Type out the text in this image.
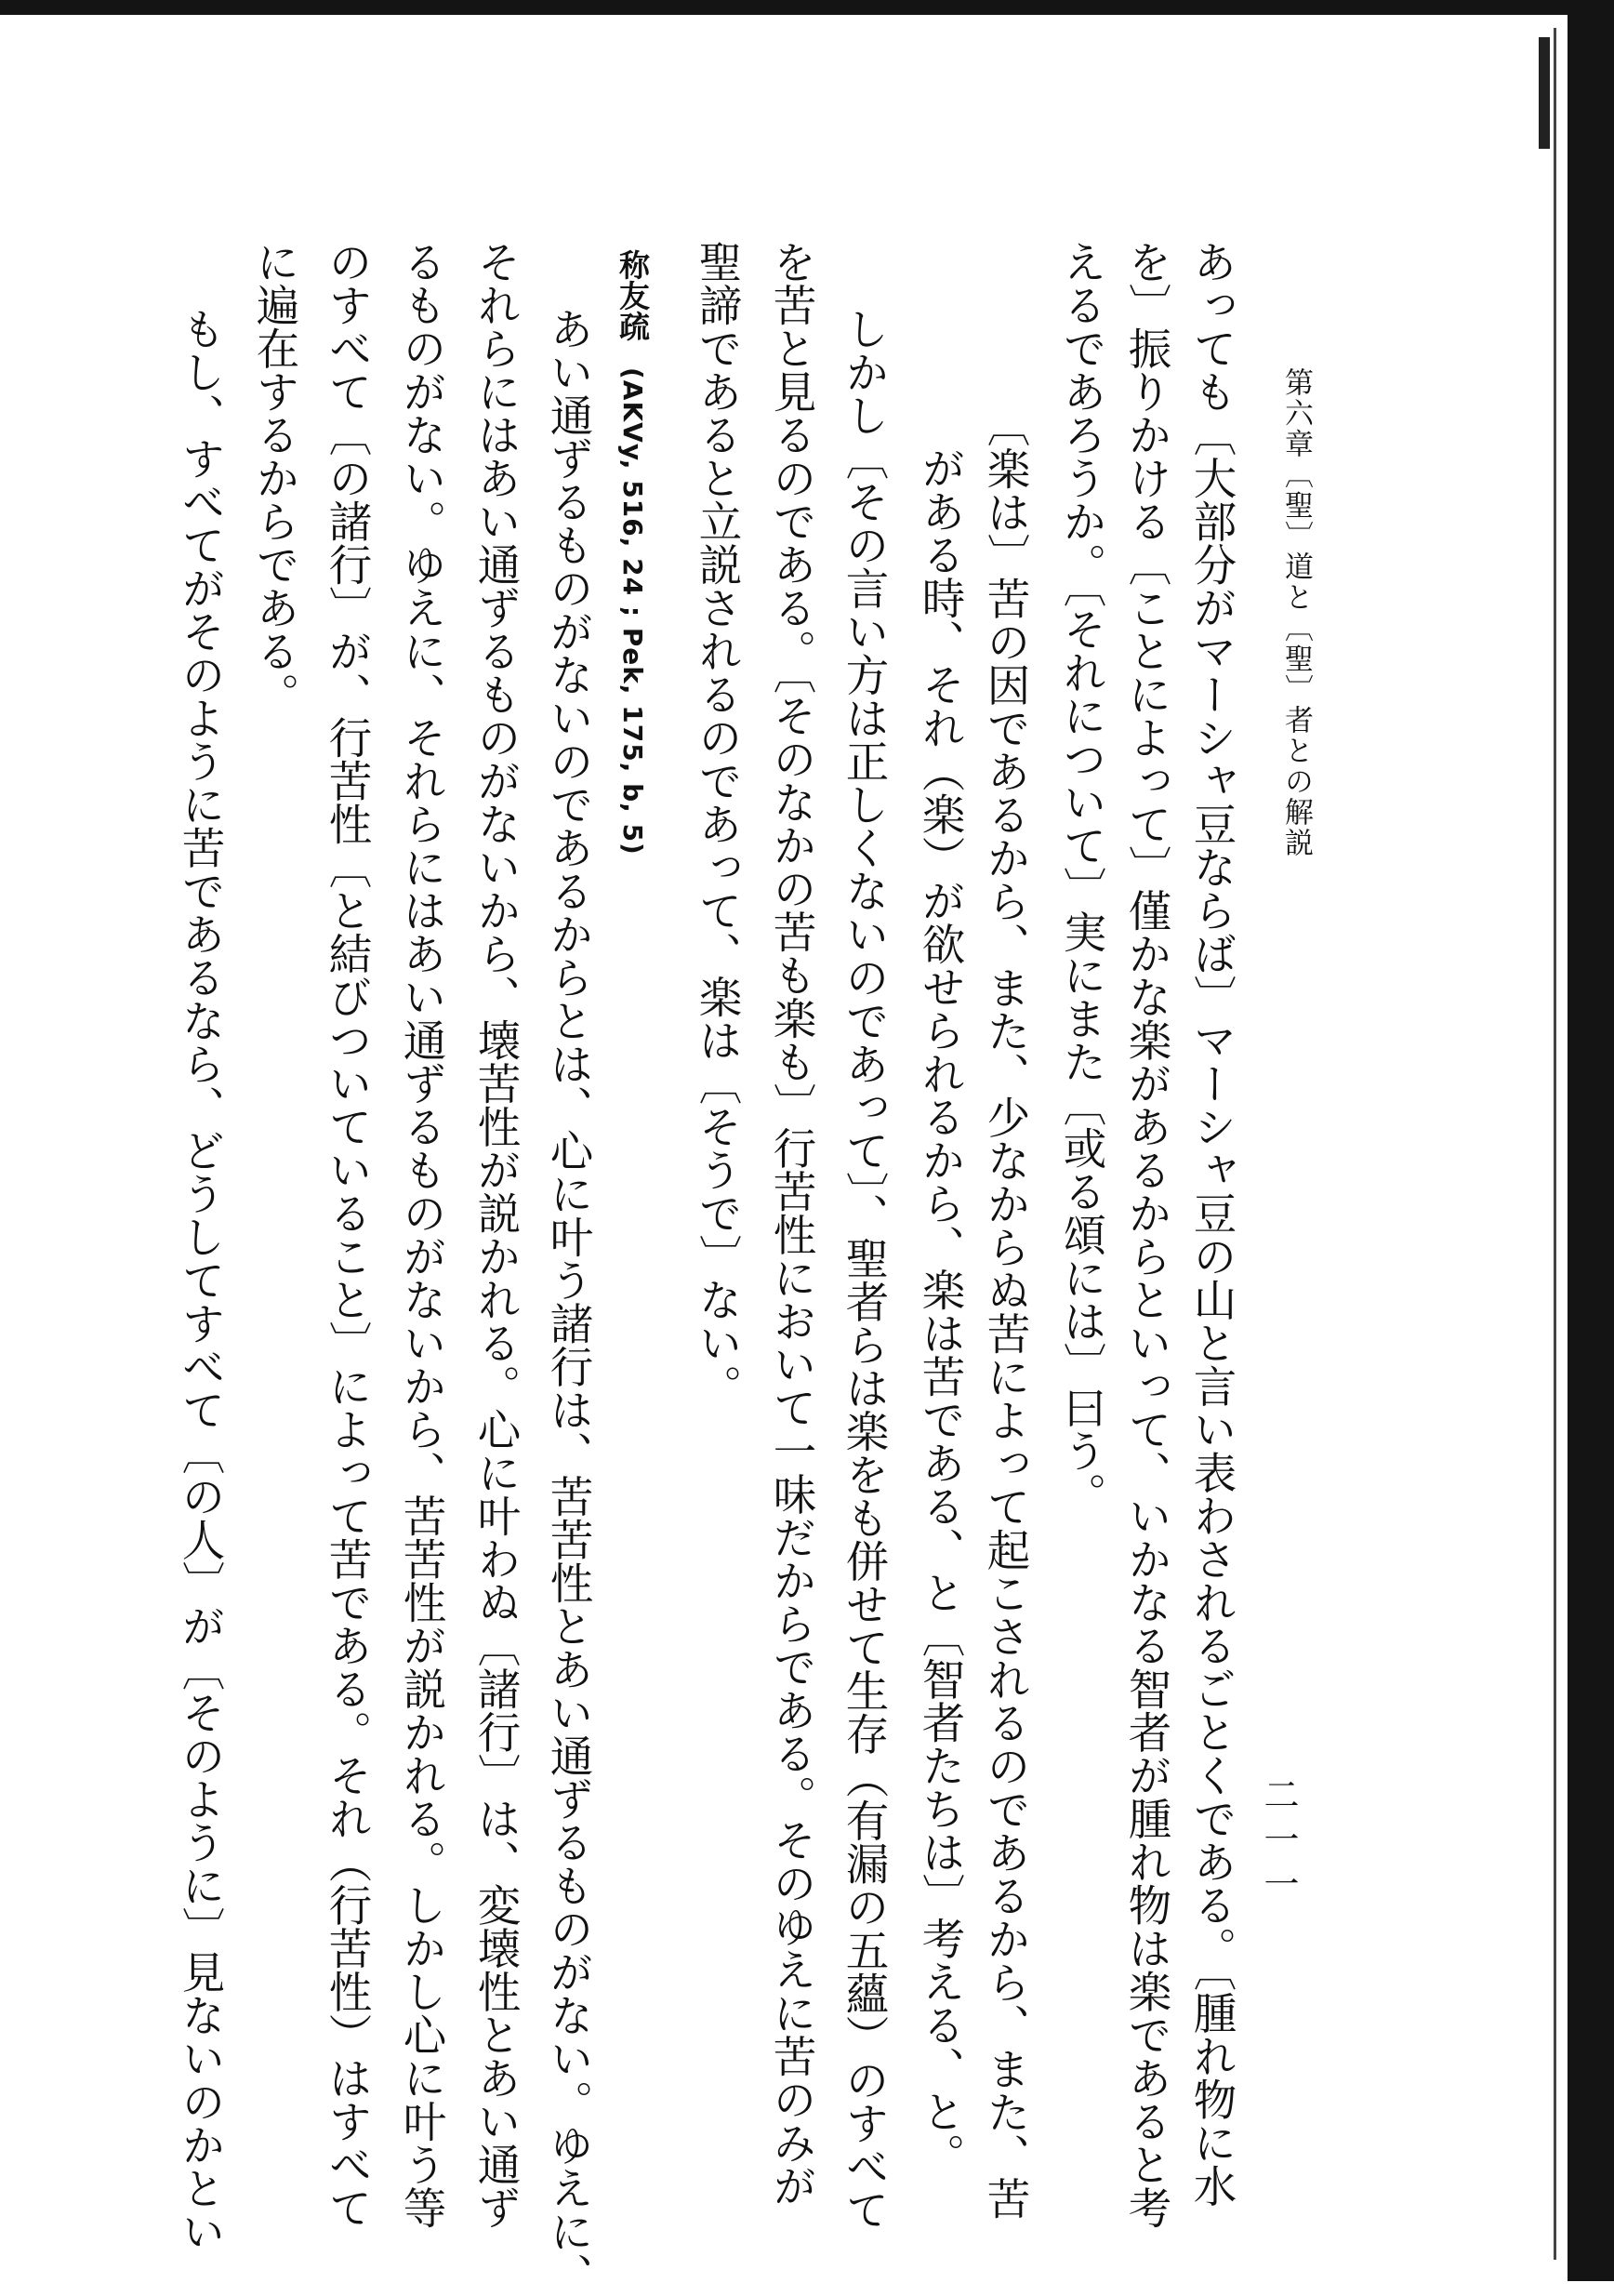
第六章〔聖〕道と〔聖〕者との解説
二一一
あっても〔大部分がマーシャ豆ならば〕マーシャ豆の山と言い表わされるごとくである。〔腫れ物に水
を〕振りかける〔ことによって〕僅かな楽があるからといって、いかなる智者が腫れ物は楽であると考
えるであろうか。〔それについて〕実にまた〔或る頌には〕曰う。
〔楽は〕苦の因であるから、また、少なからぬ苦によって起こされるのであるから、また、苦
がある時、それ（楽）が欲せられるから、楽は苦である、と〔智者たちは〕考える、と。
しかし〔その言い方は正しくないのであって〕、聖者らは楽をも併せて生存（有漏の五蘊）のすべて
を苦と見るのである。〔そのなかの苦も楽も〕行苦性において一味だからである。そのゆえに苦のみが
聖諦であると立説されるのであって、楽は〔そうで〕ない。
称友疏(AKVy, 516, 24 ; Pek, 175, b, 5)
あい通ずるものがないのであるからとは、心に叶う諸行は、苦苦性とあい通ずるものがない。ゆえに、
それらにはあい通ずるものがないから、壊苦性が説かれる。心に叶わぬ〔諸行〕は、変壊性とあい通ず
るものがない。ゆえに、それらにはあい通ずるものがないから、苦苦性が説かれる。しかし心に叶う等
のすべて〔の諸行〕が、行苦性〔と結びついていること〕によって苦である。それ（行苦性）はすべて
に遍在するからである。
もし、すべてがそのように苦であるなら、どうしてすべて〔の人〕が〔そのように〕見ないのかとい
